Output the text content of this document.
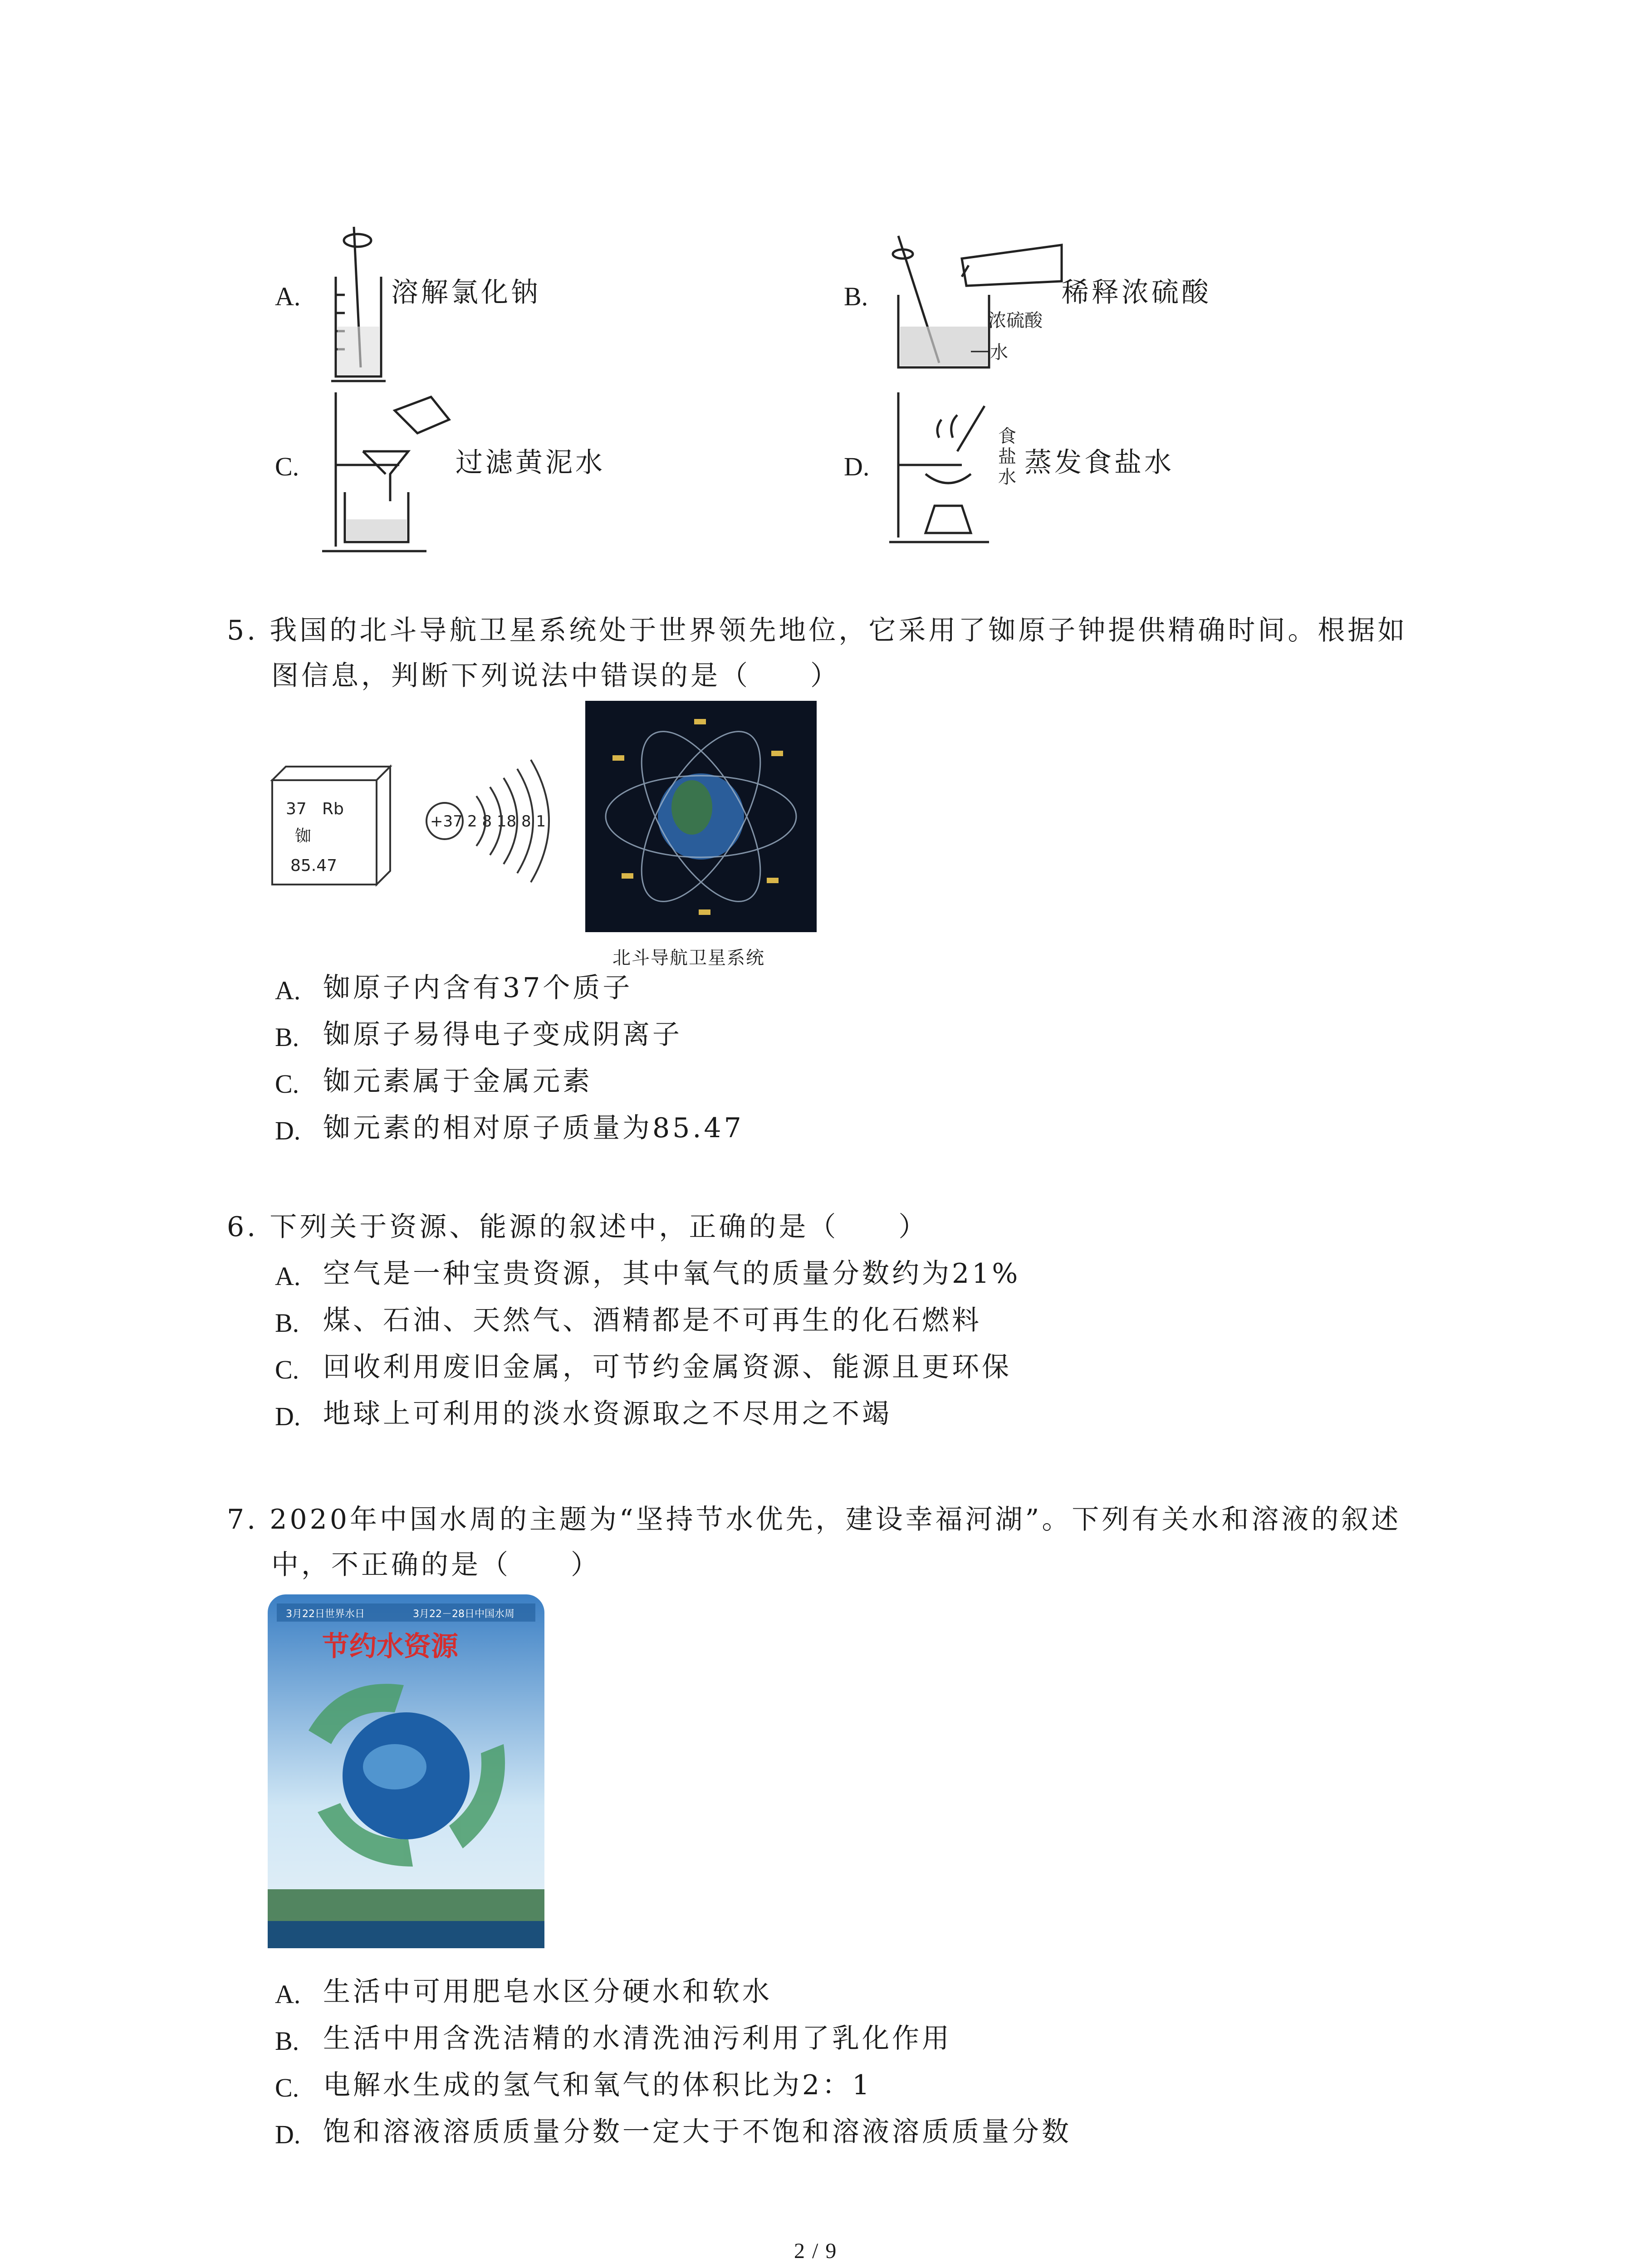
A.	溶解氯化钠	B.
浓硫酸
水
稀释浓硫酸
C.	过滤黄泥水	D.
食
盐
水 蒸发食盐水
5. 我国的北斗导航卫星系统处于世界领先地位，它采用了铷原子钟提供精确时间。根据如
图信息，判断下列说法中错误的是（　　）
37 Rb
铷
85.47
+37 2 8 18 8 1
北斗导航卫星系统
A. 铷原子内含有37个质子
B. 铷原子易得电子变成阴离子
C. 铷元素属于金属元素
D. 铷元素的相对原子质量为85.47
6. 下列关于资源、能源的叙述中，正确的是（　　）
A. 空气是一种宝贵资源，其中氧气的质量分数约为21%
B. 煤、石油、天然气、酒精都是不可再生的化石燃料
C. 回收利用废旧金属，可节约金属资源、能源且更环保
D. 地球上可利用的淡水资源取之不尽用之不竭
7. 2020年中国水周的主题为“坚持节水优先，建设幸福河湖”。下列有关水和溶液的叙述
中，不正确的是（　　）
3月22日世界水日	3月22－28日中国水周
节约水资源
A. 生活中可用肥皂水区分硬水和软水
B. 生活中用含洗洁精的水清洗油污利用了乳化作用
C. 电解水生成的氢气和氧气的体积比为2：1
D. 饱和溶液溶质质量分数一定大于不饱和溶液溶质质量分数
2 / 9
